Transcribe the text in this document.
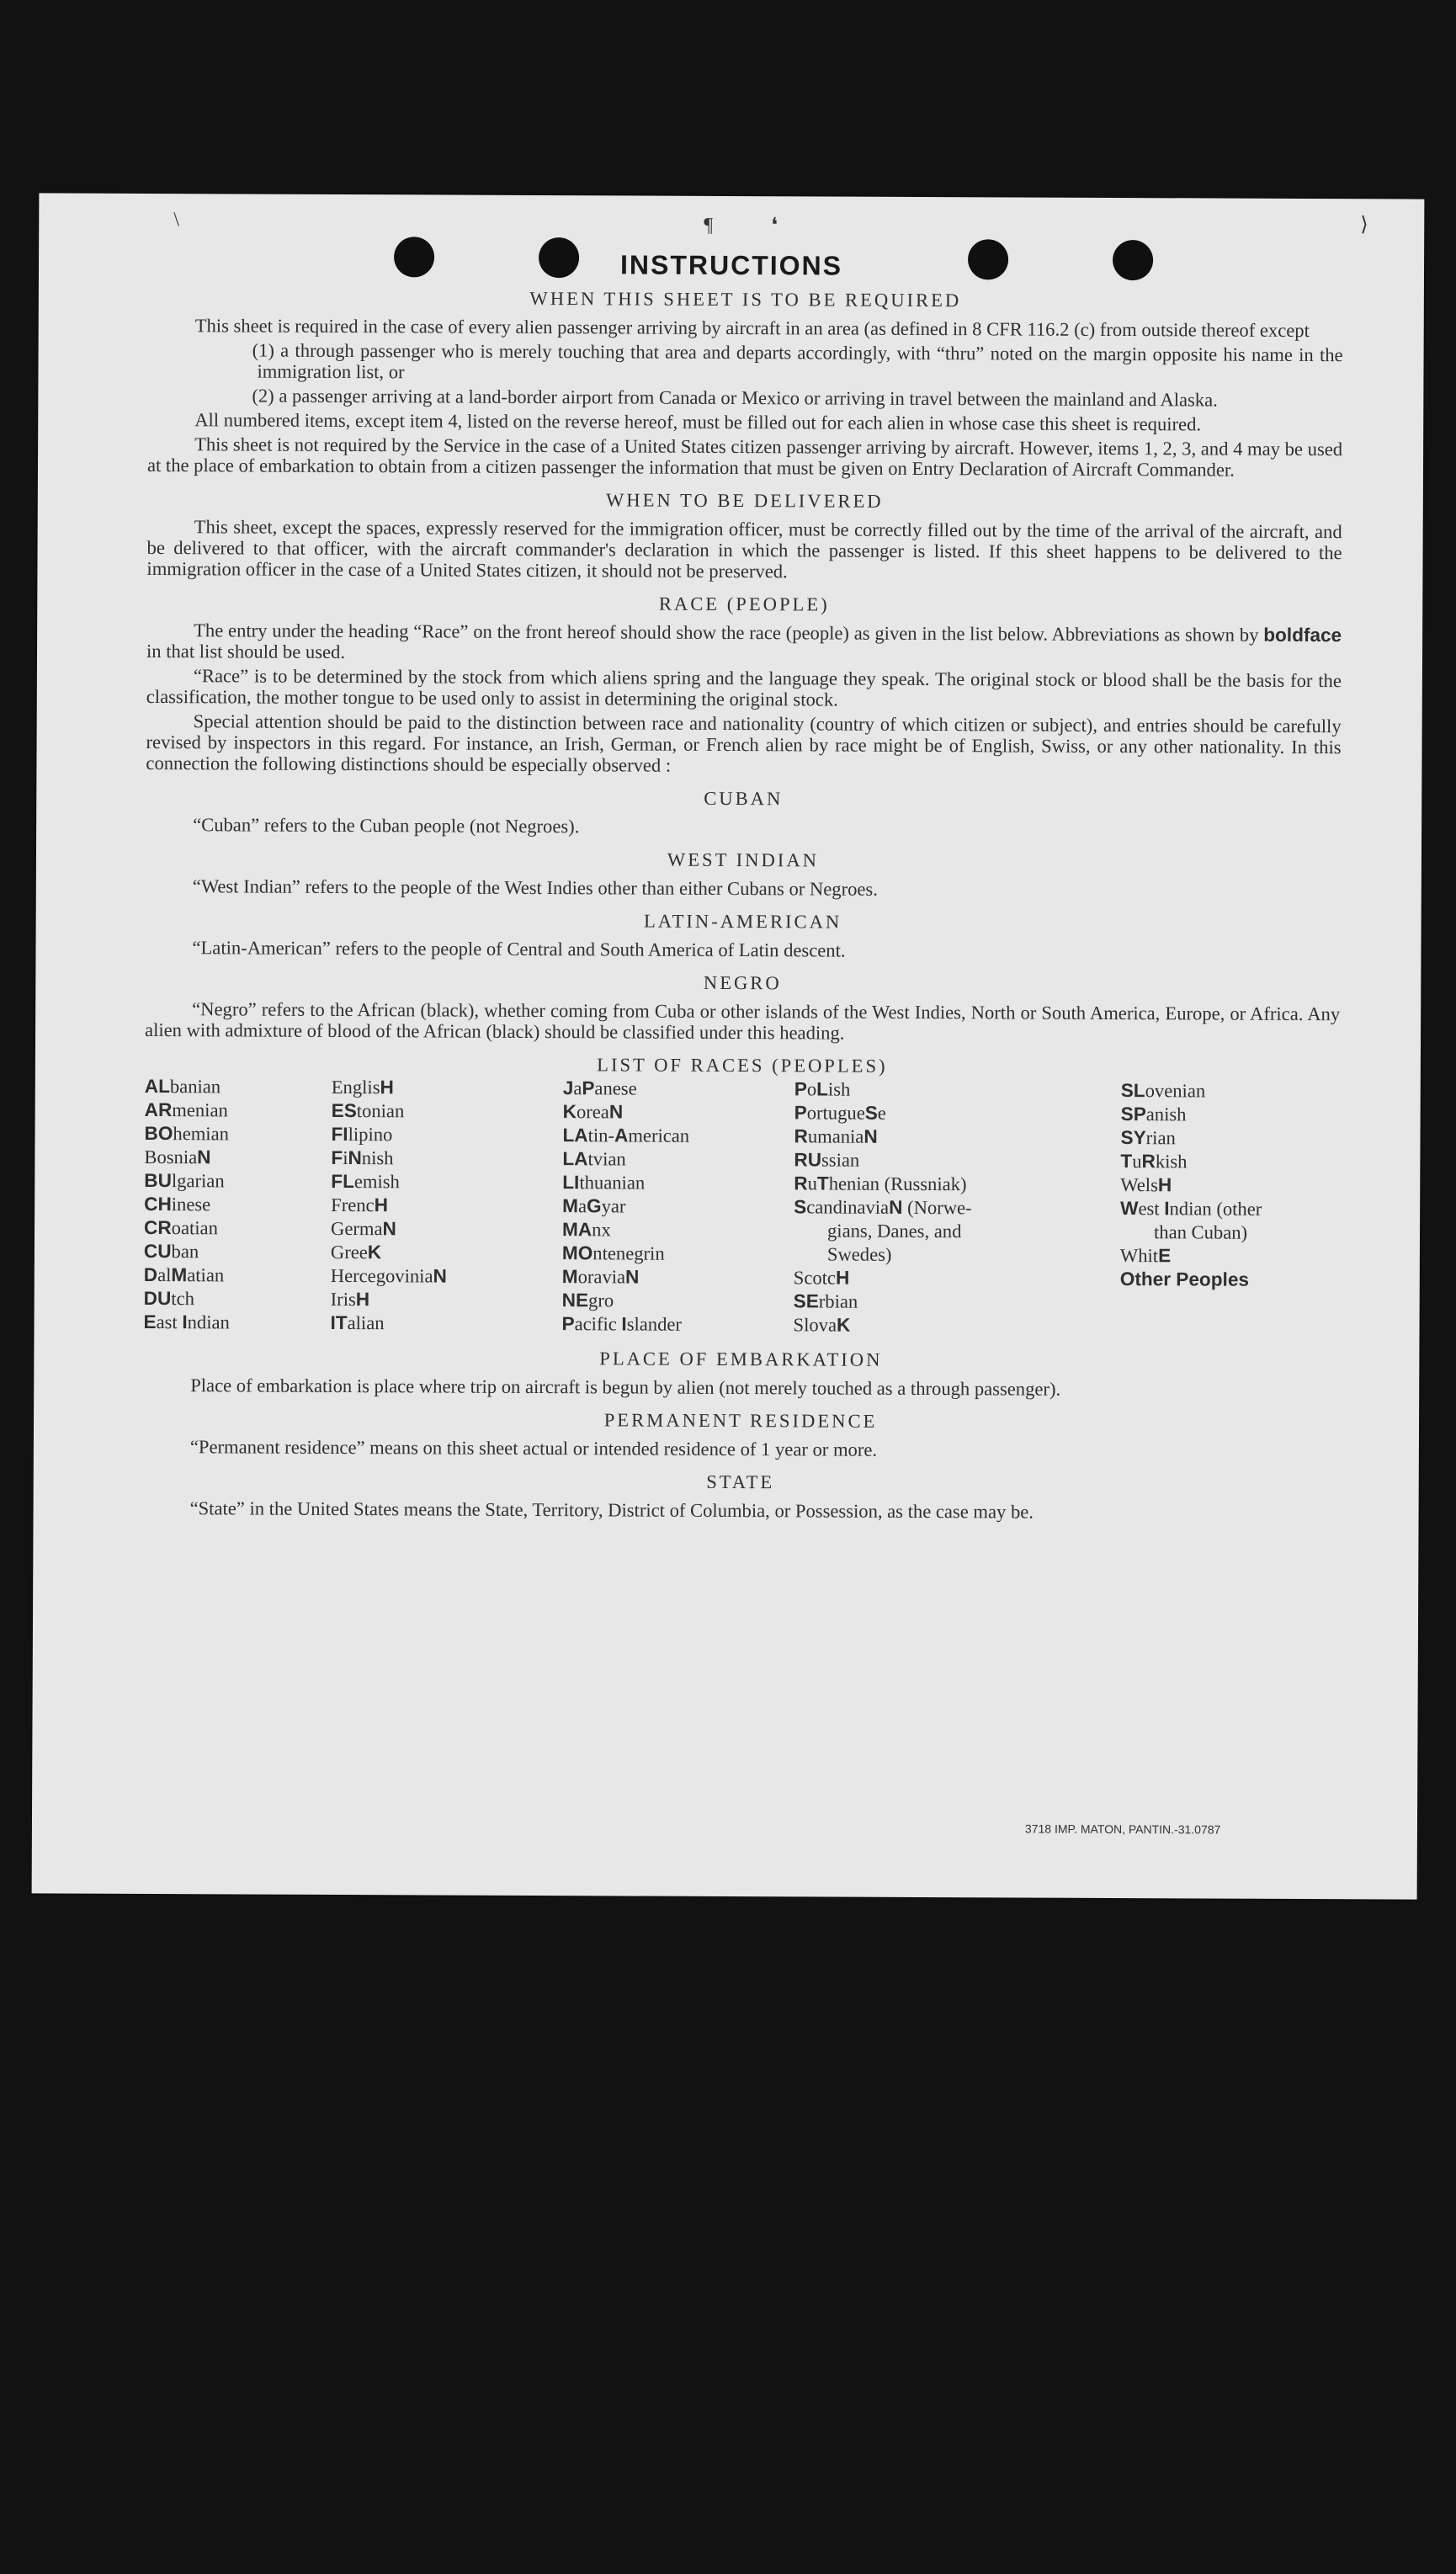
\	¶	❛	⟩
INSTRUCTIONS
WHEN THIS SHEET IS TO BE REQUIRED
This sheet is required in the case of every alien passenger arriving by aircraft in an area (as defined in 8 CFR 116.2 (c) from outside thereof except
(1) a through passenger who is merely touching that area and departs accordingly, with “thru” noted on the margin opposite his name in the immigration list, or
(2) a passenger arriving at a land-border airport from Canada or Mexico or arriving in travel between the mainland and Alaska.
All numbered items, except item 4, listed on the reverse hereof, must be filled out for each alien in whose case this sheet is required.
This sheet is not required by the Service in the case of a United States citizen passenger arriving by aircraft. However, items 1, 2, 3, and 4 may be used at the place of embarkation to obtain from a citizen passenger the information that must be given on Entry Declaration of Aircraft Commander.
WHEN TO BE DELIVERED
This sheet, except the spaces, expressly reserved for the immigration officer, must be correctly filled out by the time of the arrival of the aircraft, and be delivered to that officer, with the aircraft commander's declaration in which the passenger is listed. If this sheet happens to be delivered to the immigration officer in the case of a United States citizen, it should not be preserved.
RACE (PEOPLE)
The entry under the heading “Race” on the front hereof should show the race (people) as given in the list below. Abbreviations as shown by boldface in that list should be used.
“Race” is to be determined by the stock from which aliens spring and the language they speak. The original stock or blood shall be the basis for the classification, the mother tongue to be used only to assist in determining the original stock.
Special attention should be paid to the distinction between race and nationality (country of which citizen or subject), and entries should be carefully revised by inspectors in this regard. For instance, an Irish, German, or French alien by race might be of English, Swiss, or any other nationality. In this connection the following distinctions should be especially observed :
CUBAN
“Cuban” refers to the Cuban people (not Negroes).
WEST INDIAN
“West Indian” refers to the people of the West Indies other than either Cubans or Negroes.
LATIN-AMERICAN
“Latin-American” refers to the people of Central and South America of Latin descent.
NEGRO
“Negro” refers to the African (black), whether coming from Cuba or other islands of the West Indies, North or South America, Europe, or Africa. Any alien with admixture of blood of the African (black) should be classified under this heading.
LIST OF RACES (PEOPLES)
ALbanian
ARmenian
BOhemian
BosniaN
BUlgarian
CHinese
CRoatian
CUban
DalMatian
DUtch
East Indian
EnglisH
EStonian
FIlipino
FiNnish
FLemish
FrencH
GermaN
GreeK
HercegoviniaN
IrisH
ITalian
JaPanese
KoreaN
LAtin-American
LAtvian
LIthuanian
MaGyar
MAnx
MOntenegrin
MoraviaN
NEgro
Pacific Islander
PoLish
PortugueSe
RumaniaN
RUssian
RuThenian (Russniak)
ScandinaviaN (Norwe-
gians, Danes, and
Swedes)
ScotcH
SErbian
SlovaK
SLovenian
SPanish
SYrian
TuRkish
WelsH
West Indian (other
than Cuban)
WhitE
Other Peoples
PLACE OF EMBARKATION
Place of embarkation is place where trip on aircraft is begun by alien (not merely touched as a through passenger).
PERMANENT RESIDENCE
“Permanent residence” means on this sheet actual or intended residence of 1 year or more.
STATE
“State” in the United States means the State, Territory, District of Columbia, or Possession, as the case may be.
3718 IMP. MATON, PANTIN.-31.0787
